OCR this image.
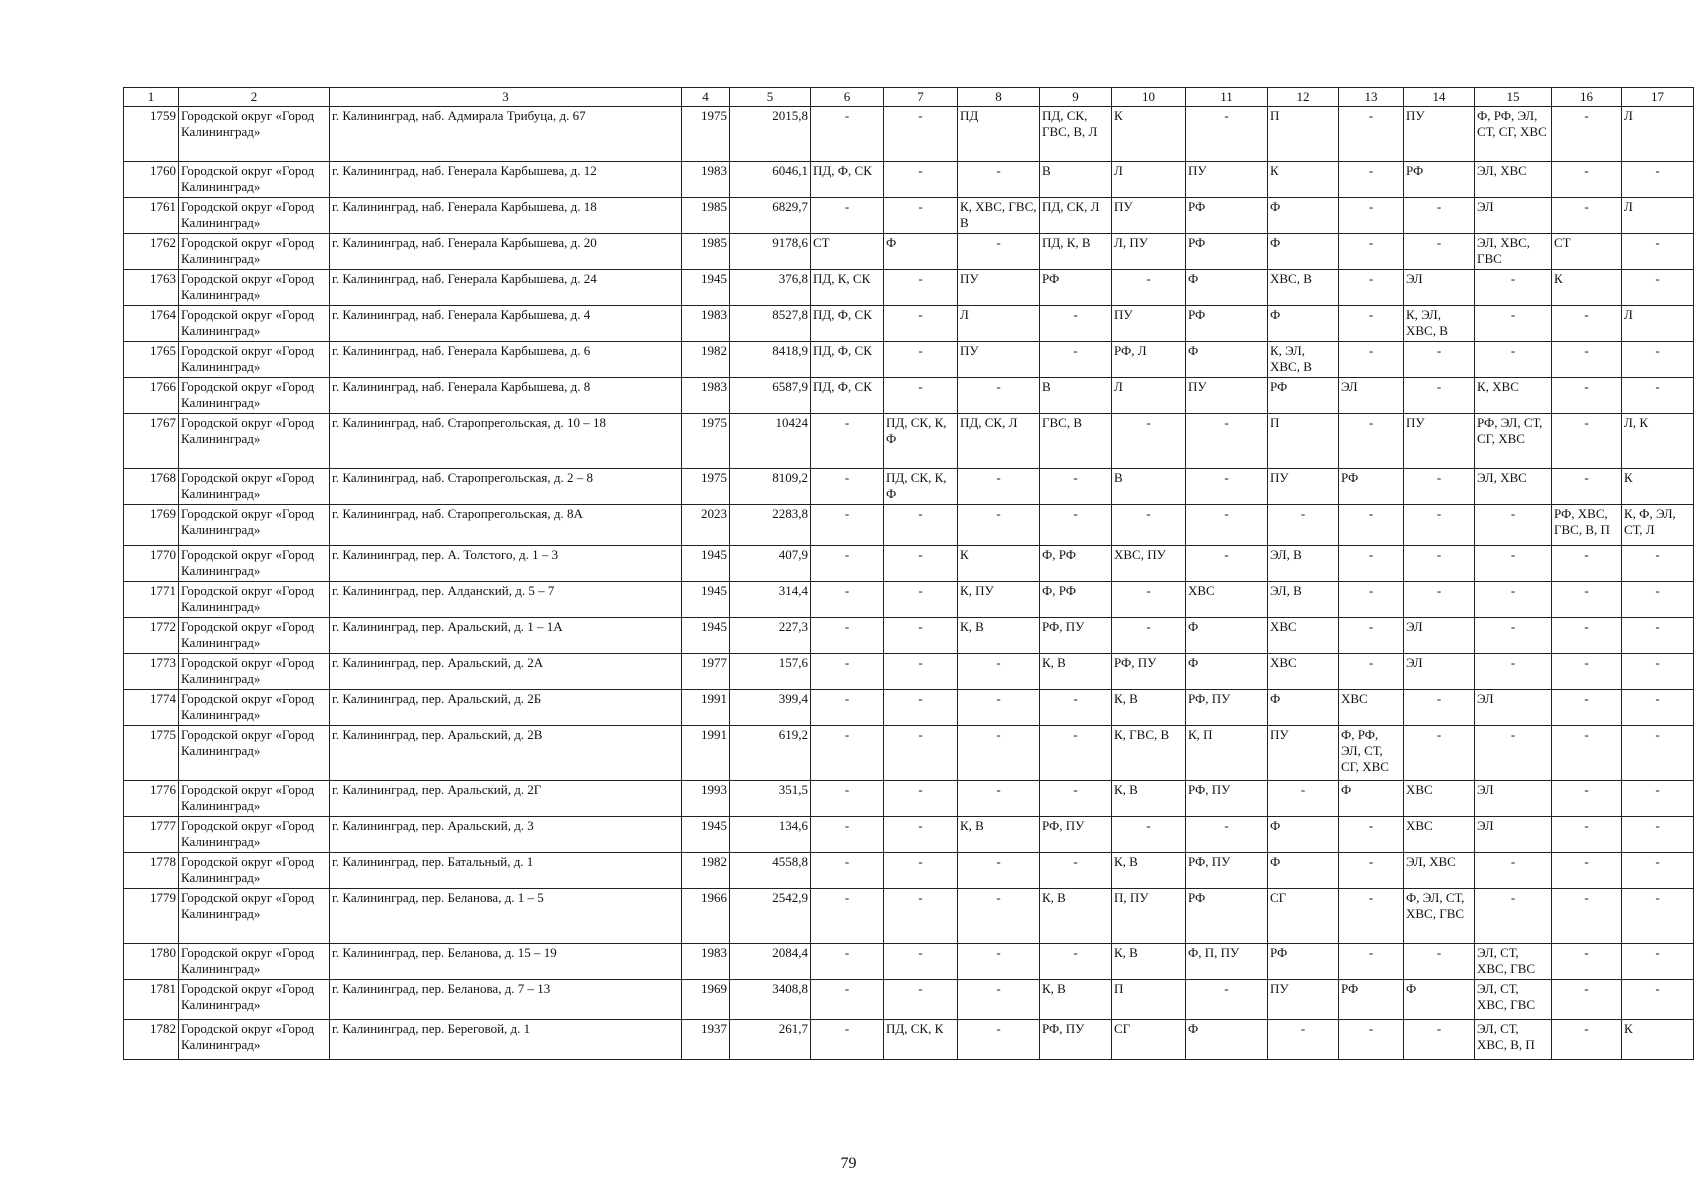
1	2	3	4	5	6	7	8	9	10	11	12	13	14	15	16	17
1759	Городской округ «Город Калининград»	г. Калининград, наб. Адмирала Трибуца, д. 67	1975	2015,8	-	-	ПД	ПД, СК, ГВС, В, Л	К	-	П	-	ПУ	Ф, РФ, ЭЛ, СТ, СГ, ХВС	-	Л
1760	Городской округ «Город Калининград»	г. Калининград, наб. Генерала Карбышева, д. 12	1983	6046,1	ПД, Ф, СК	-	-	В	Л	ПУ	К	-	РФ	ЭЛ, ХВС	-	-
1761	Городской округ «Город Калининград»	г. Калининград, наб. Генерала Карбышева, д. 18	1985	6829,7	-	-	К, ХВС, ГВС, В	ПД, СК, Л	ПУ	РФ	Ф	-	-	ЭЛ	-	Л
1762	Городской округ «Город Калининград»	г. Калининград, наб. Генерала Карбышева, д. 20	1985	9178,6	СТ	Ф	-	ПД, К, В	Л, ПУ	РФ	Ф	-	-	ЭЛ, ХВС, ГВС	СТ	-
1763	Городской округ «Город Калининград»	г. Калининград, наб. Генерала Карбышева, д. 24	1945	376,8	ПД, К, СК	-	ПУ	РФ	-	Ф	ХВС, В	-	ЭЛ	-	К	-
1764	Городской округ «Город Калининград»	г. Калининград, наб. Генерала Карбышева, д. 4	1983	8527,8	ПД, Ф, СК	-	Л	-	ПУ	РФ	Ф	-	К, ЭЛ, ХВС, В	-	-	Л
1765	Городской округ «Город Калининград»	г. Калининград, наб. Генерала Карбышева, д. 6	1982	8418,9	ПД, Ф, СК	-	ПУ	-	РФ, Л	Ф	К, ЭЛ, ХВС, В	-	-	-	-	-
1766	Городской округ «Город Калининград»	г. Калининград, наб. Генерала Карбышева, д. 8	1983	6587,9	ПД, Ф, СК	-	-	В	Л	ПУ	РФ	ЭЛ	-	К, ХВС	-	-
1767	Городской округ «Город Калининград»	г. Калининград, наб. Старопрегольская, д. 10 – 18	1975	10424	-	ПД, СК, К, Ф	ПД, СК, Л	ГВС, В	-	-	П	-	ПУ	РФ, ЭЛ, СТ, СГ, ХВС	-	Л, К
1768	Городской округ «Город Калининград»	г. Калининград, наб. Старопрегольская, д. 2 – 8	1975	8109,2	-	ПД, СК, К, Ф	-	-	В	-	ПУ	РФ	-	ЭЛ, ХВС	-	К
1769	Городской округ «Город Калининград»	г. Калининград, наб. Старопрегольская, д. 8А	2023	2283,8	-	-	-	-	-	-	-	-	-	-	РФ, ХВС, ГВС, В, П	К, Ф, ЭЛ, СТ, Л
1770	Городской округ «Город Калининград»	г. Калининград, пер. А. Толстого, д. 1 – 3	1945	407,9	-	-	К	Ф, РФ	ХВС, ПУ	-	ЭЛ, В	-	-	-	-	-
1771	Городской округ «Город Калининград»	г. Калининград, пер. Алданский, д. 5 – 7	1945	314,4	-	-	К, ПУ	Ф, РФ	-	ХВС	ЭЛ, В	-	-	-	-	-
1772	Городской округ «Город Калининград»	г. Калининград, пер. Аральский, д. 1 – 1А	1945	227,3	-	-	К, В	РФ, ПУ	-	Ф	ХВС	-	ЭЛ	-	-	-
1773	Городской округ «Город Калининград»	г. Калининград, пер. Аральский, д. 2А	1977	157,6	-	-	-	К, В	РФ, ПУ	Ф	ХВС	-	ЭЛ	-	-	-
1774	Городской округ «Город Калининград»	г. Калининград, пер. Аральский, д. 2Б	1991	399,4	-	-	-	-	К, В	РФ, ПУ	Ф	ХВС	-	ЭЛ	-	-
1775	Городской округ «Город Калининград»	г. Калининград, пер. Аральский, д. 2В	1991	619,2	-	-	-	-	К, ГВС, В	К, П	ПУ	Ф, РФ, ЭЛ, СТ, СГ, ХВС	-	-	-	-
1776	Городской округ «Город Калининград»	г. Калининград, пер. Аральский, д. 2Г	1993	351,5	-	-	-	-	К, В	РФ, ПУ	-	Ф	ХВС	ЭЛ	-	-
1777	Городской округ «Город Калининград»	г. Калининград, пер. Аральский, д. 3	1945	134,6	-	-	К, В	РФ, ПУ	-	-	Ф	-	ХВС	ЭЛ	-	-
1778	Городской округ «Город Калининград»	г. Калининград, пер. Батальный, д. 1	1982	4558,8	-	-	-	-	К, В	РФ, ПУ	Ф	-	ЭЛ, ХВС	-	-	-
1779	Городской округ «Город Калининград»	г. Калининград, пер. Беланова, д. 1 – 5	1966	2542,9	-	-	-	К, В	П, ПУ	РФ	СГ	-	Ф, ЭЛ, СТ, ХВС, ГВС	-	-	-
1780	Городской округ «Город Калининград»	г. Калининград, пер. Беланова, д. 15 – 19	1983	2084,4	-	-	-	-	К, В	Ф, П, ПУ	РФ	-	-	ЭЛ, СТ, ХВС, ГВС	-	-
1781	Городской округ «Город Калининград»	г. Калининград, пер. Беланова, д. 7 – 13	1969	3408,8	-	-	-	К, В	П	-	ПУ	РФ	Ф	ЭЛ, СТ, ХВС, ГВС	-	-
1782	Городской округ «Город Калининград»	г. Калининград, пер. Береговой, д. 1	1937	261,7	-	ПД, СК, К	-	РФ, ПУ	СГ	Ф	-	-	-	ЭЛ, СТ, ХВС, В, П	-	К
79
